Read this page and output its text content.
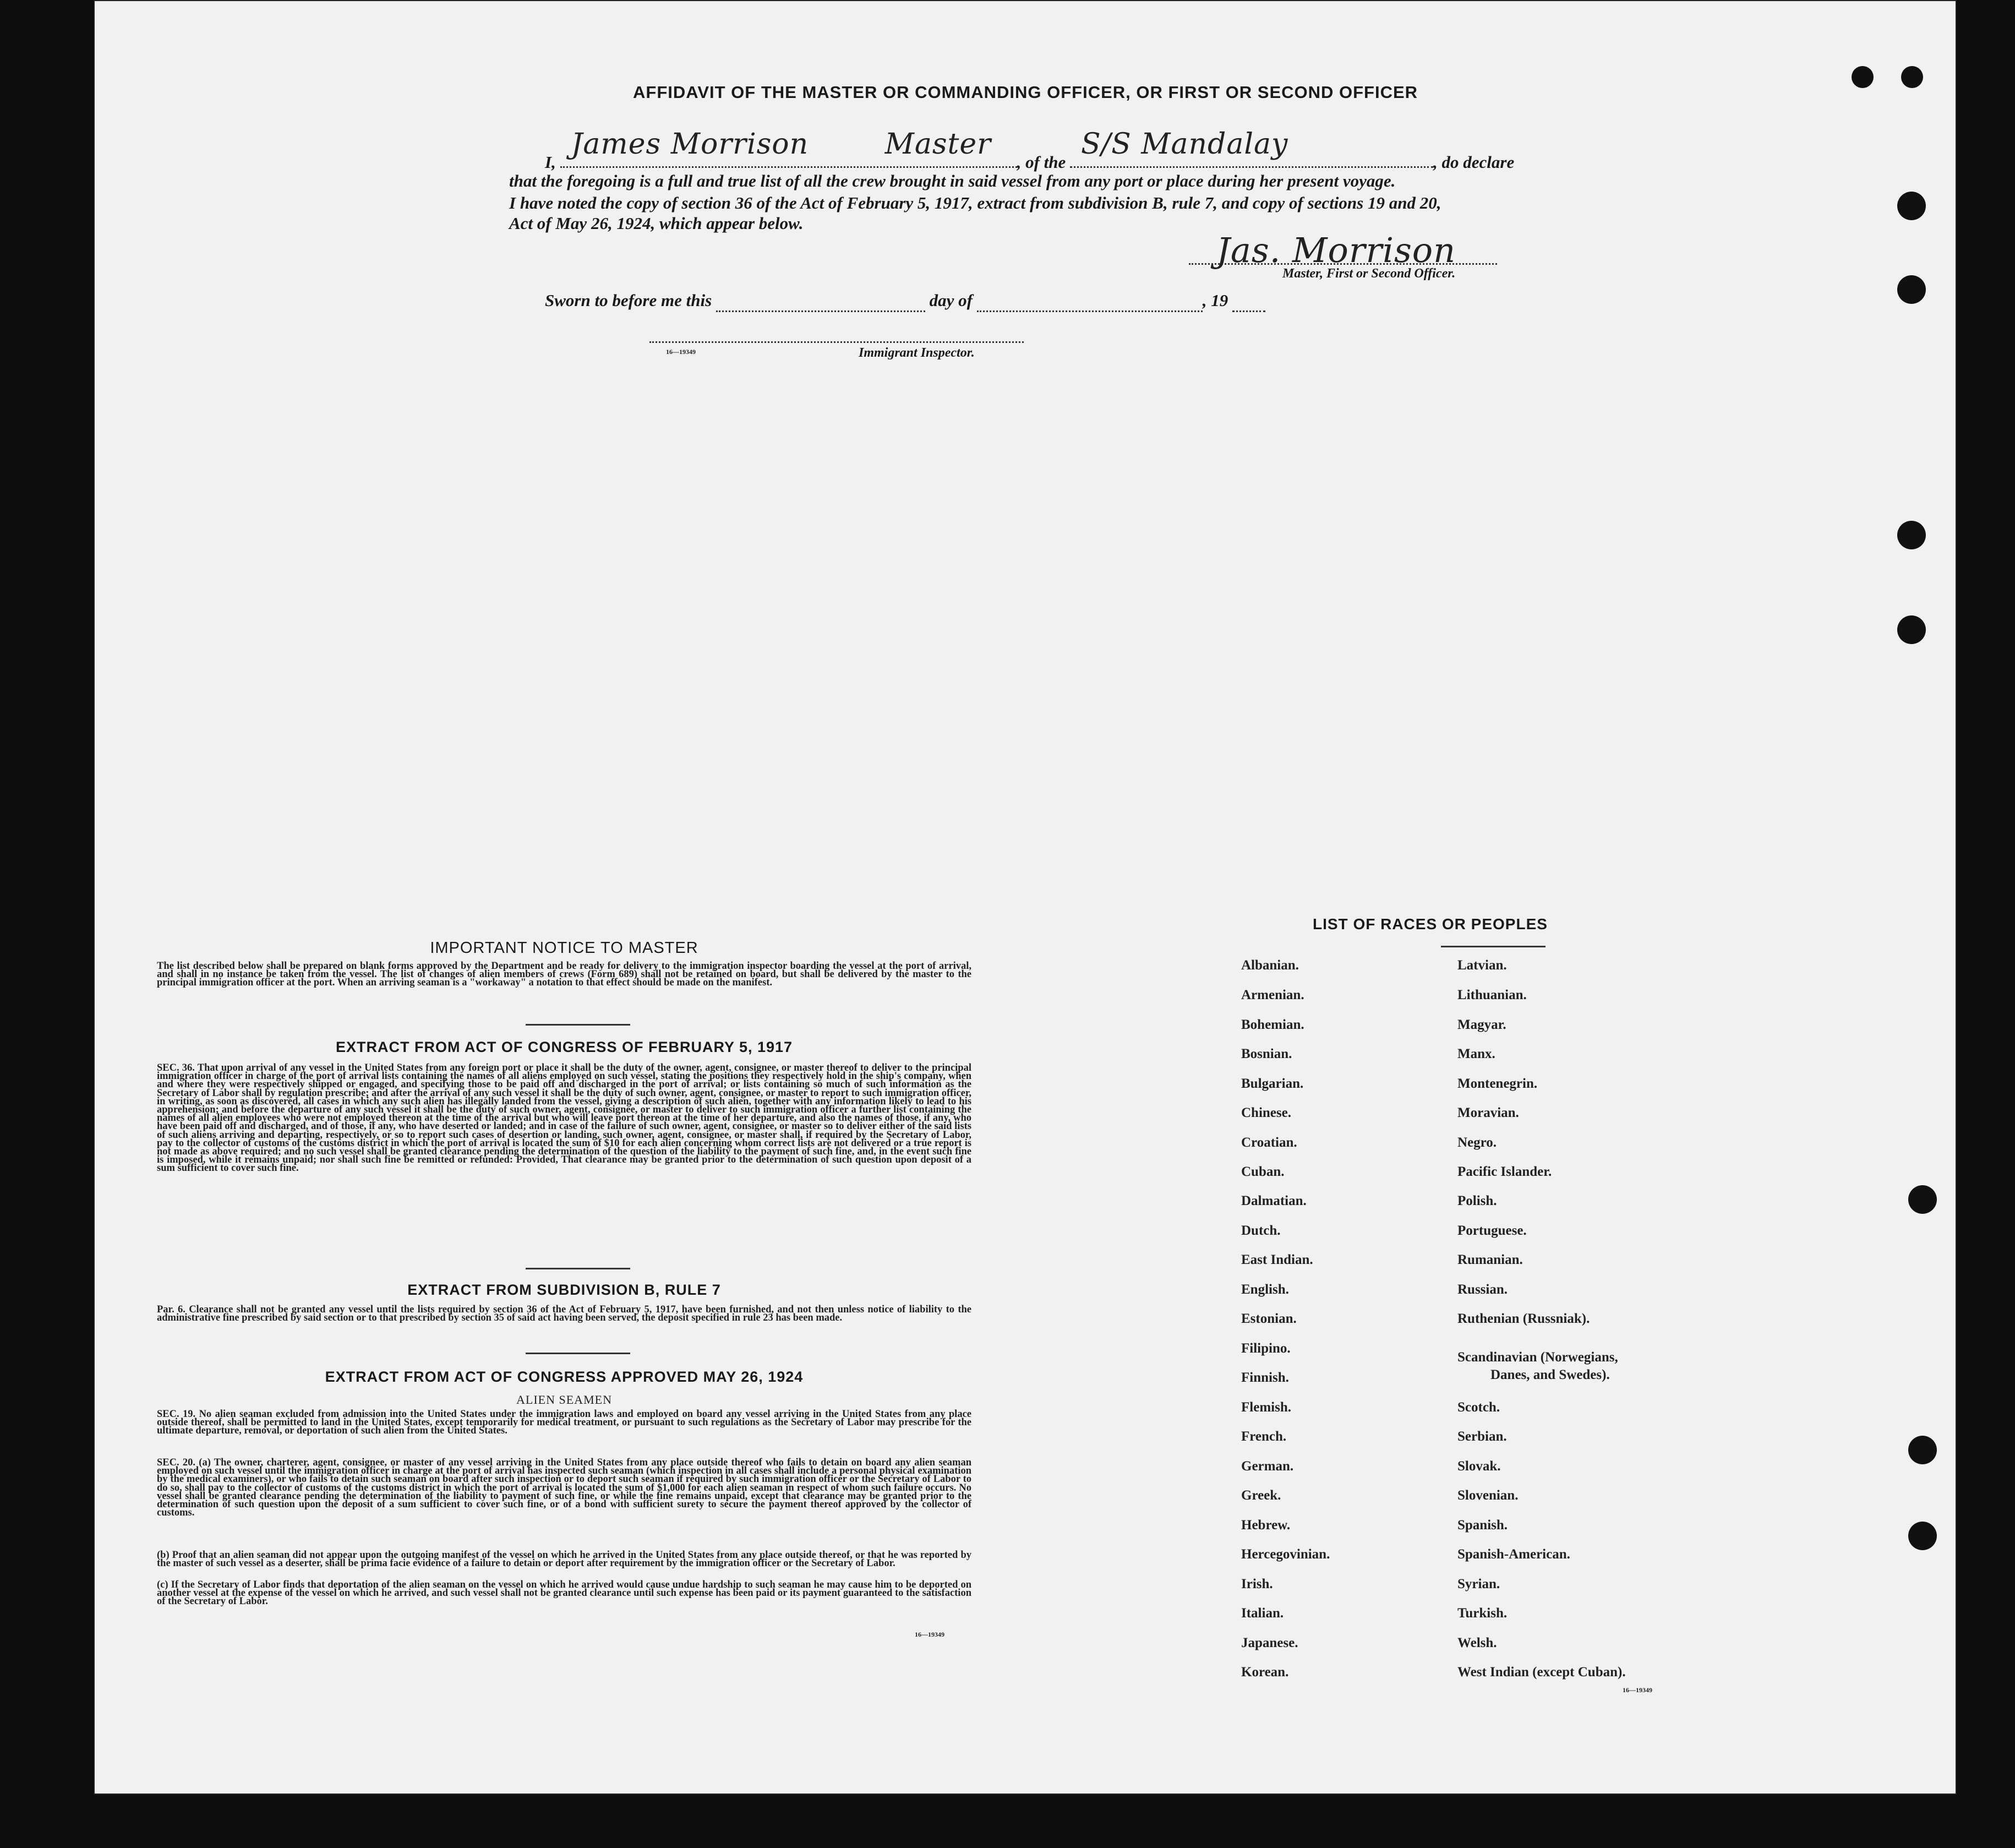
AFFIDAVIT OF THE MASTER OR COMMANDING OFFICER, OR FIRST OR SECOND OFFICER
I,
James Morrison	Master
, of the
S/S Mandalay
, do declare
that the foregoing is a full and true list of all the crew brought in said vessel from any port or place during her present voyage.
I have noted the copy of section 36 of the Act of February 5, 1917, extract from subdivision B, rule 7, and copy of sections 19 and 20,
Act of May 26, 1924, which appear below.
Jas. Morrison
Master, First or Second Officer.
Sworn to before me this	day of	, 19
16—19349	Immigrant Inspector.
IMPORTANT NOTICE TO MASTER
The list described below shall be prepared on blank forms approved by the Department and be ready for delivery to the immigration inspector boarding the vessel at the port of arrival, and shall in no instance be taken from the vessel. The list of changes of alien members of crews (Form 689) shall not be retained on board, but shall be delivered by the master to the principal immigration officer at the port. When an arriving seaman is a "workaway" a notation to that effect should be made on the manifest.
EXTRACT FROM ACT OF CONGRESS OF FEBRUARY 5, 1917
SEC. 36. That upon arrival of any vessel in the United States from any foreign port or place it shall be the duty of the owner, agent, consignee, or master thereof to deliver to the principal immigration officer in charge of the port of arrival lists containing the names of all aliens employed on such vessel, stating the positions they respectively hold in the ship's company, when and where they were respectively shipped or engaged, and specifying those to be paid off and discharged in the port of arrival; or lists containing so much of such information as the Secretary of Labor shall by regulation prescribe; and after the arrival of any such vessel it shall be the duty of such owner, agent, consignee, or master to report to such immigration officer, in writing, as soon as discovered, all cases in which any such alien has illegally landed from the vessel, giving a description of such alien, together with any information likely to lead to his apprehension; and before the departure of any such vessel it shall be the duty of such owner, agent, consignee, or master to deliver to such immigration officer a further list containing the names of all alien employees who were not employed thereon at the time of the arrival but who will leave port thereon at the time of her departure, and also the names of those, if any, who have been paid off and discharged, and of those, if any, who have deserted or landed; and in case of the failure of such owner, agent, consignee, or master so to deliver either of the said lists of such aliens arriving and departing, respectively, or so to report such cases of desertion or landing, such owner, agent, consignee, or master shall, if required by the Secretary of Labor, pay to the collector of customs of the customs district in which the port of arrival is located the sum of $10 for each alien concerning whom correct lists are not delivered or a true report is not made as above required; and no such vessel shall be granted clearance pending the determination of the question of the liability to the payment of such fine, and, in the event such fine is imposed, while it remains unpaid; nor shall such fine be remitted or refunded: Provided, That clearance may be granted prior to the determination of such question upon deposit of a sum sufficient to cover such fine.
EXTRACT FROM SUBDIVISION B, RULE 7
Par. 6. Clearance shall not be granted any vessel until the lists required by section 36 of the Act of February 5, 1917, have been furnished, and not then unless notice of liability to the administrative fine prescribed by said section or to that prescribed by section 35 of said act having been served, the deposit specified in rule 23 has been made.
EXTRACT FROM ACT OF CONGRESS APPROVED MAY 26, 1924
ALIEN SEAMEN
SEC. 19. No alien seaman excluded from admission into the United States under the immigration laws and employed on board any vessel arriving in the United States from any place outside thereof, shall be permitted to land in the United States, except temporarily for medical treatment, or pursuant to such regulations as the Secretary of Labor may prescribe for the ultimate departure, removal, or deportation of such alien from the United States.
SEC. 20. (a) The owner, charterer, agent, consignee, or master of any vessel arriving in the United States from any place outside thereof who fails to detain on board any alien seaman employed on such vessel until the immigration officer in charge at the port of arrival has inspected such seaman (which inspection in all cases shall include a personal physical examination by the medical examiners), or who fails to detain such seaman on board after such inspection or to deport such seaman if required by such immigration officer or the Secretary of Labor to do so, shall pay to the collector of customs of the customs district in which the port of arrival is located the sum of $1,000 for each alien seaman in respect of whom such failure occurs. No vessel shall be granted clearance pending the determination of the liability to payment of such fine, or while the fine remains unpaid, except that clearance may be granted prior to the determination of such question upon the deposit of a sum sufficient to cover such fine, or of a bond with sufficient surety to secure the payment thereof approved by the collector of customs.
(b) Proof that an alien seaman did not appear upon the outgoing manifest of the vessel on which he arrived in the United States from any place outside thereof, or that he was reported by the master of such vessel as a deserter, shall be prima facie evidence of a failure to detain or deport after requirement by the immigration officer or the Secretary of Labor.
(c) If the Secretary of Labor finds that deportation of the alien seaman on the vessel on which he arrived would cause undue hardship to such seaman he may cause him to be deported on another vessel at the expense of the vessel on which he arrived, and such vessel shall not be granted clearance until such expense has been paid or its payment guaranteed to the satisfaction of the Secretary of Labor.
16—19349
LIST OF RACES OR PEOPLES
Albanian.
Armenian.
Bohemian.
Bosnian.
Bulgarian.
Chinese.
Croatian.
Cuban.
Dalmatian.
Dutch.
East Indian.
English.
Estonian.
Filipino.
Finnish.
Flemish.
French.
German.
Greek.
Hebrew.
Hercegovinian.
Irish.
Italian.
Japanese.
Korean.
Latvian.
Lithuanian.
Magyar.
Manx.
Montenegrin.
Moravian.
Negro.
Pacific Islander.
Polish.
Portuguese.
Rumanian.
Russian.
Ruthenian (Russniak).
Scandinavian (Norwegians,
Danes, and Swedes).
Scotch.
Serbian.
Slovak.
Slovenian.
Spanish.
Spanish-American.
Syrian.
Turkish.
Welsh.
West Indian (except Cuban).
16—19349
